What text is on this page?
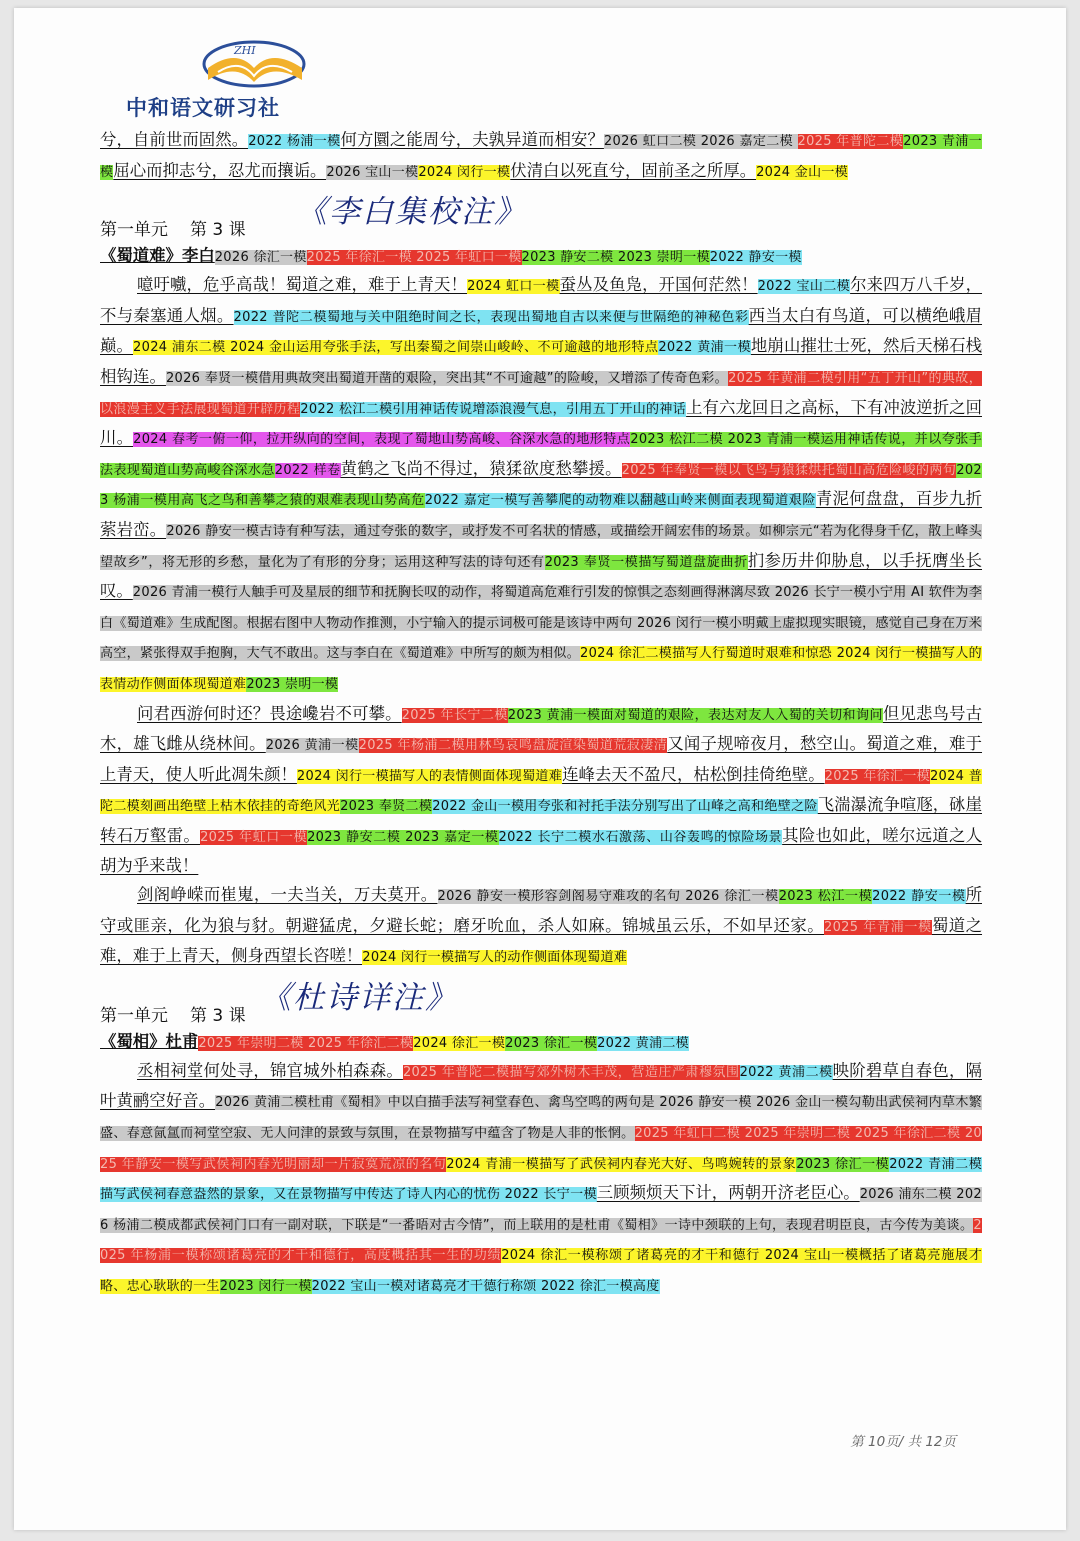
ZHI
中和语文研习社

兮，自前世而固然。2022 杨浦一模何方圜之能周兮，夫孰异道而相安？2026 虹口二模 2026 嘉定二模 2025 年普陀二模2023 青浦一模屈心而抑志兮，忍尤而攘诟。2026 宝山一模2024 闵行一模伏清白以死直兮，固前圣之所厚。2024 金山一模

第一单元 第 3 课 《李白集校注》

《蜀道难》李白2026 徐汇一模2025 年徐汇一模 2025 年虹口一模2023 静安二模 2023 崇明一模2022 静安一模

噫吁嚱，危乎高哉！蜀道之难，难于上青天！2024 虹口一模蚕丛及鱼凫，开国何茫然！2022 宝山二模尔来四万八千岁，不与秦塞通人烟。2022 普陀二模蜀地与关中阻绝时间之长，表现出蜀地自古以来便与世隔绝的神秘色彩西当太白有鸟道，可以横绝峨眉巅。2024 浦东二模 2024 金山运用夸张手法，写出秦蜀之间崇山峻岭、不可逾越的地形特点2022 黄浦一模地崩山摧壮士死，然后天梯石栈相钩连。2026 奉贤一模借用典故突出蜀道开凿的艰险，突出其“不可逾越”的险峻，又增添了传奇色彩。2025 年黄浦二模引用“五丁开山”的典故，以浪漫主义手法展现蜀道开辟历程2022 松江二模引用神话传说增添浪漫气息，引用五丁开山的神话上有六龙回日之高标，下有冲波逆折之回川。2024 春考一俯一仰，拉开纵向的空间，表现了蜀地山势高峻、谷深水急的地形特点2023 松江二模 2023 青浦一模运用神话传说，并以夸张手法表现蜀道山势高峻谷深水急2022 样卷黄鹤之飞尚不得过，猿猱欲度愁攀援。2025 年奉贤一模以飞鸟与猿猱烘托蜀山高危险峻的两句2023 杨浦一模用高飞之鸟和善攀之猿的艰难表现山势高危2022 嘉定一模写善攀爬的动物难以翻越山岭来侧面表现蜀道艰险青泥何盘盘，百步九折萦岩峦。2026 静安一模古诗有种写法，通过夸张的数字，或抒发不可名状的情感，或描绘开阔宏伟的场景。如柳宗元“若为化得身千亿，散上峰头望故乡”，将无形的乡愁，量化为了有形的分身；运用这种写法的诗句还有2023 奉贤一模描写蜀道盘旋曲折扪参历井仰胁息，以手抚膺坐长叹。2026 青浦一模行人触手可及星辰的细节和抚胸长叹的动作，将蜀道高危难行引发的惊惧之态刻画得淋漓尽致 2026 长宁一模小宁用 AI 软件为李白《蜀道难》生成配图。根据右图中人物动作推测，小宁输入的提示词极可能是该诗中两句 2026 闵行一模小明戴上虚拟现实眼镜，感觉自己身在万米高空，紧张得双手抱胸，大气不敢出。这与李白在《蜀道难》中所写的颇为相似。2024 徐汇二模描写人行蜀道时艰难和惊恐 2024 闵行一模描写人的表情动作侧面体现蜀道难2023 崇明一模

问君西游何时还？畏途巉岩不可攀。2025 年长宁二模2023 黄浦一模面对蜀道的艰险，表达对友人入蜀的关切和询问但见悲鸟号古木，雄飞雌从绕林间。2026 黄浦一模2025 年杨浦二模用林鸟哀鸣盘旋渲染蜀道荒寂凄清又闻子规啼夜月，愁空山。蜀道之难，难于上青天，使人听此凋朱颜！2024 闵行一模描写人的表情侧面体现蜀道难连峰去天不盈尺，枯松倒挂倚绝壁。2025 年徐汇一模2024 普陀二模刻画出绝壁上枯木依挂的奇绝风光2023 奉贤二模2022 金山一模用夸张和衬托手法分别写出了山峰之高和绝壁之险飞湍瀑流争喧豗，砯崖转石万壑雷。2025 年虹口一模2023 静安二模 2023 嘉定一模2022 长宁二模水石激荡、山谷轰鸣的惊险场景其险也如此，嗟尔远道之人胡为乎来哉！

剑阁峥嵘而崔嵬，一夫当关，万夫莫开。2026 静安一模形容剑阁易守难攻的名句 2026 徐汇一模2023 松江一模2022 静安一模所守或匪亲，化为狼与豺。朝避猛虎，夕避长蛇；磨牙吮血，杀人如麻。锦城虽云乐，不如早还家。2025 年青浦一模蜀道之难，难于上青天，侧身西望长咨嗟！2024 闵行一模描写人的动作侧面体现蜀道难

第一单元 第 3 课 《杜诗详注》

《蜀相》杜甫2025 年崇明二模 2025 年徐汇二模2024 徐汇一模2023 徐汇一模2022 黄浦二模

丞相祠堂何处寻，锦官城外柏森森。2025 年普陀二模描写郊外树木丰茂，营造庄严肃穆氛围2022 黄浦二模映阶碧草自春色，隔叶黄鹂空好音。2026 黄浦二模杜甫《蜀相》中以白描手法写祠堂春色、禽鸟空鸣的两句是 2026 静安一模 2026 金山一模勾勒出武侯祠内草木繁盛、春意氤氲而祠堂空寂、无人问津的景致与氛围，在景物描写中蕴含了物是人非的怅惘。2025 年虹口二模 2025 年崇明二模 2025 年徐汇二模 2025 年静安一模写武侯祠内春光明丽却一片寂寞荒凉的名句2024 青浦一模描写了武侯祠内春光大好、鸟鸣婉转的景象2023 徐汇一模2022 青浦二模描写武侯祠春意盎然的景象，又在景物描写中传达了诗人内心的忧伤 2022 长宁一模三顾频烦天下计，两朝开济老臣心。2026 浦东二模 2026 杨浦二模成都武侯祠门口有一副对联，下联是“一番晤对古今情”，而上联用的是杜甫《蜀相》一诗中颈联的上句，表现君明臣良，古今传为美谈。2025 年杨浦一模称颂诸葛亮的才干和德行，高度概括其一生的功绩2024 徐汇一模称颂了诸葛亮的才干和德行 2024 宝山一模概括了诸葛亮施展才略、忠心耿耿的一生2023 闵行一模2022 宝山一模对诸葛亮才干德行称颂 2022 徐汇一模高度

第 10页/ 共 12页
